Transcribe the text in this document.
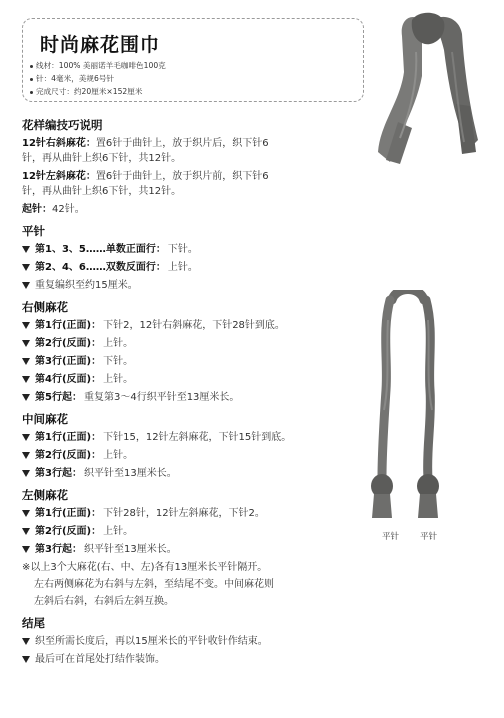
时尚麻花围巾
线材：100% 美丽诺羊毛咖啡色100克
针：4毫米，美规6号针
完成尺寸：约20厘米×152厘米
平针 平针
花样编技巧说明
12针右斜麻花：置6针于曲针上，放于织片后，织下针6
针，再从曲针上织6下针，共12针。
12针左斜麻花：置6针于曲针上，放于织片前，织下针6
针，再从曲针上织6下针，共12针。
起针：42针。
平针
第1、3、5……单数正面行： 下针。
第2、4、6……双数反面行： 上针。
重复编织至约15厘米。
右侧麻花
第1行(正面)： 下针2，12针右斜麻花，下针28针到底。
第2行(反面)： 上针。
第3行(正面)： 下针。
第4行(反面)： 上针。
第5行起： 重复第3～4行织平针至13厘米长。
中间麻花
第1行(正面)： 下针15，12针左斜麻花，下针15针到底。
第2行(反面)： 上针。
第3行起： 织平针至13厘米长。
左侧麻花
第1行(正面)： 下针28针，12针左斜麻花，下针2。
第2行(反面)： 上针。
第3行起： 织平针至13厘米长。
※以上3个大麻花(右、中、左)各有13厘米长平针隔开。
左右两侧麻花为右斜与左斜，至结尾不变。中间麻花则
左斜后右斜，右斜后左斜互换。
结尾
织至所需长度后，再以15厘米长的平针收针作结束。
最后可在首尾处打结作装饰。
